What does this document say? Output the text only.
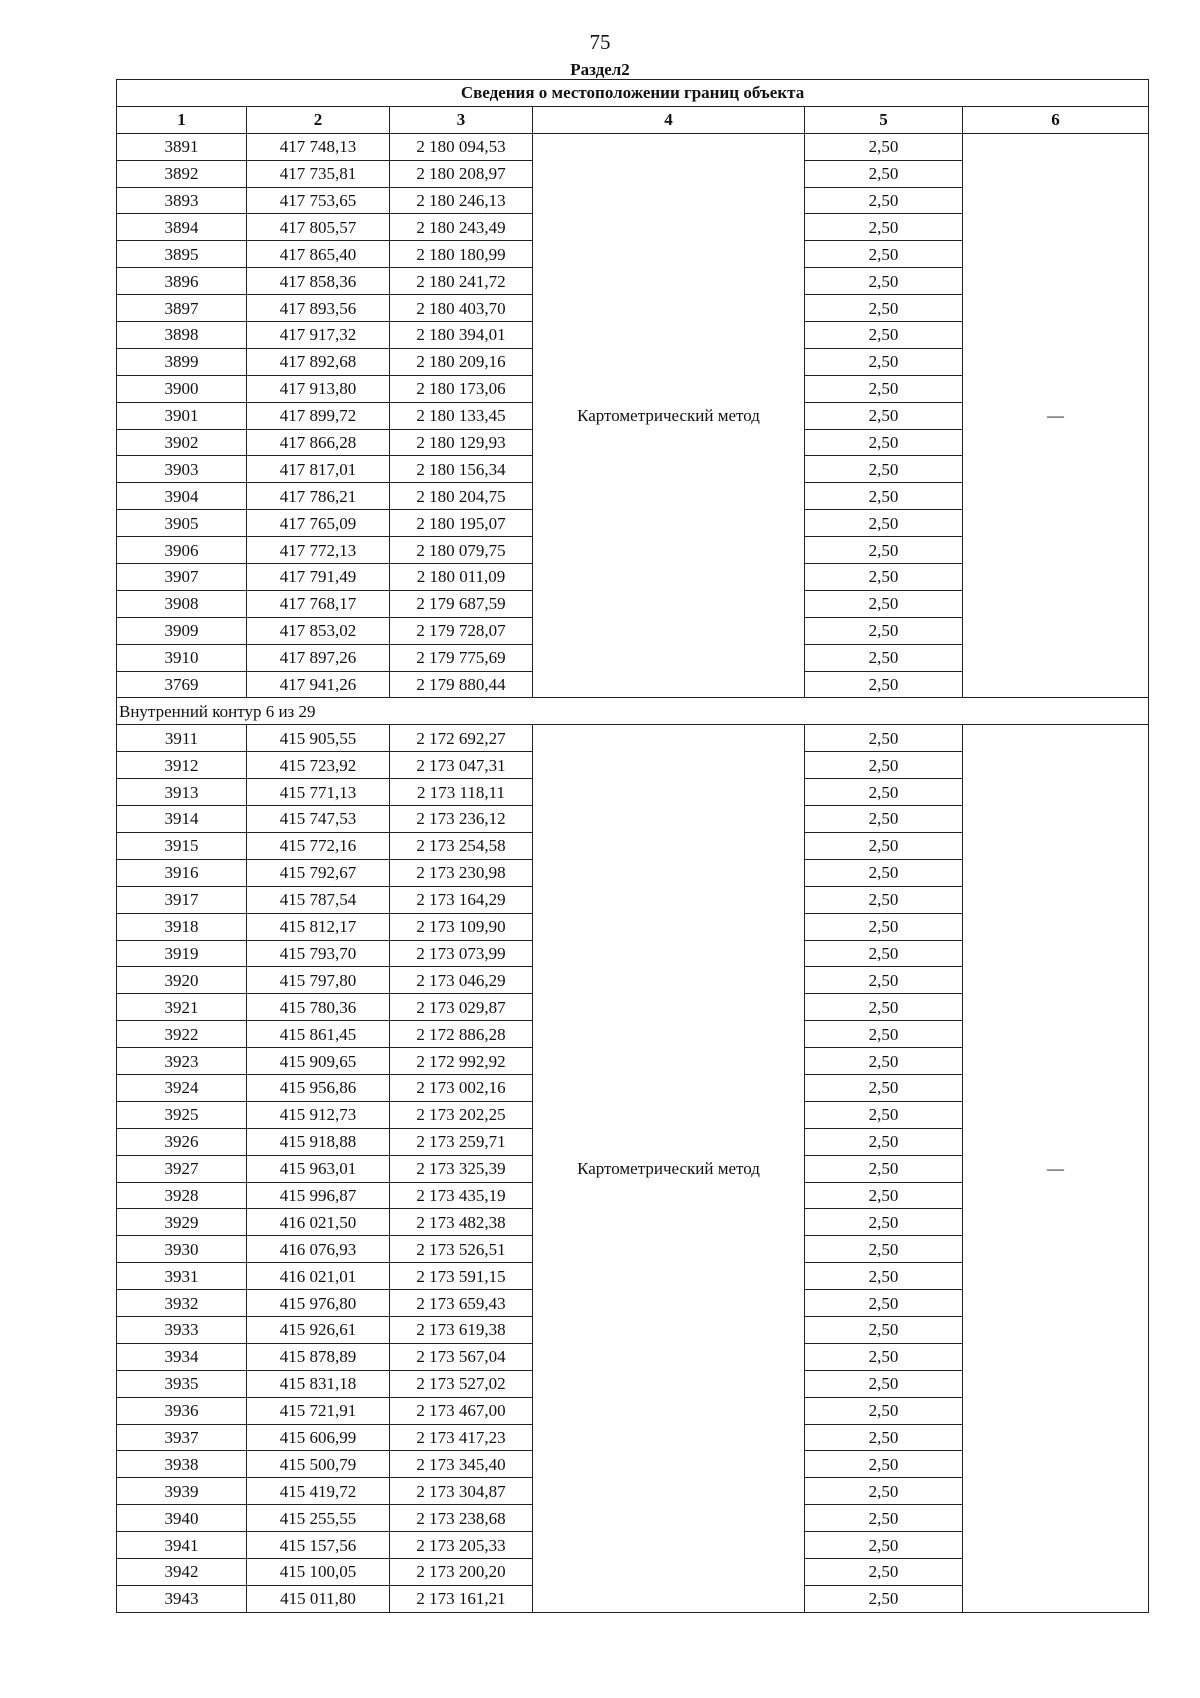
75
Раздел2
Сведения о местоположении границ объекта					
1	2	3	4	5	6
3891	417 748,13	2 180 094,53	Картометрический метод	2,50	—
3892	417 735,81	2 180 208,97		2,50	
3893	417 753,65	2 180 246,13		2,50	
3894	417 805,57	2 180 243,49		2,50	
3895	417 865,40	2 180 180,99		2,50	
3896	417 858,36	2 180 241,72		2,50	
3897	417 893,56	2 180 403,70		2,50	
3898	417 917,32	2 180 394,01		2,50	
3899	417 892,68	2 180 209,16		2,50	
3900	417 913,80	2 180 173,06		2,50	
3901	417 899,72	2 180 133,45		2,50	
3902	417 866,28	2 180 129,93		2,50	
3903	417 817,01	2 180 156,34		2,50	
3904	417 786,21	2 180 204,75		2,50	
3905	417 765,09	2 180 195,07		2,50	
3906	417 772,13	2 180 079,75		2,50	
3907	417 791,49	2 180 011,09		2,50	
3908	417 768,17	2 179 687,59		2,50	
3909	417 853,02	2 179 728,07		2,50	
3910	417 897,26	2 179 775,69		2,50	
3769	417 941,26	2 179 880,44		2,50	
Внутренний контур 6 из 29					
3911	415 905,55	2 172 692,27	Картометрический метод	2,50	—
3912	415 723,92	2 173 047,31		2,50	
3913	415 771,13	2 173 118,11		2,50	
3914	415 747,53	2 173 236,12		2,50	
3915	415 772,16	2 173 254,58		2,50	
3916	415 792,67	2 173 230,98		2,50	
3917	415 787,54	2 173 164,29		2,50	
3918	415 812,17	2 173 109,90		2,50	
3919	415 793,70	2 173 073,99		2,50	
3920	415 797,80	2 173 046,29		2,50	
3921	415 780,36	2 173 029,87		2,50	
3922	415 861,45	2 172 886,28		2,50	
3923	415 909,65	2 172 992,92		2,50	
3924	415 956,86	2 173 002,16		2,50	
3925	415 912,73	2 173 202,25		2,50	
3926	415 918,88	2 173 259,71		2,50	
3927	415 963,01	2 173 325,39		2,50	
3928	415 996,87	2 173 435,19		2,50	
3929	416 021,50	2 173 482,38		2,50	
3930	416 076,93	2 173 526,51		2,50	
3931	416 021,01	2 173 591,15		2,50	
3932	415 976,80	2 173 659,43		2,50	
3933	415 926,61	2 173 619,38		2,50	
3934	415 878,89	2 173 567,04		2,50	
3935	415 831,18	2 173 527,02		2,50	
3936	415 721,91	2 173 467,00		2,50	
3937	415 606,99	2 173 417,23		2,50	
3938	415 500,79	2 173 345,40		2,50	
3939	415 419,72	2 173 304,87		2,50	
3940	415 255,55	2 173 238,68		2,50	
3941	415 157,56	2 173 205,33		2,50	
3942	415 100,05	2 173 200,20		2,50	
3943	415 011,80	2 173 161,21		2,50	
